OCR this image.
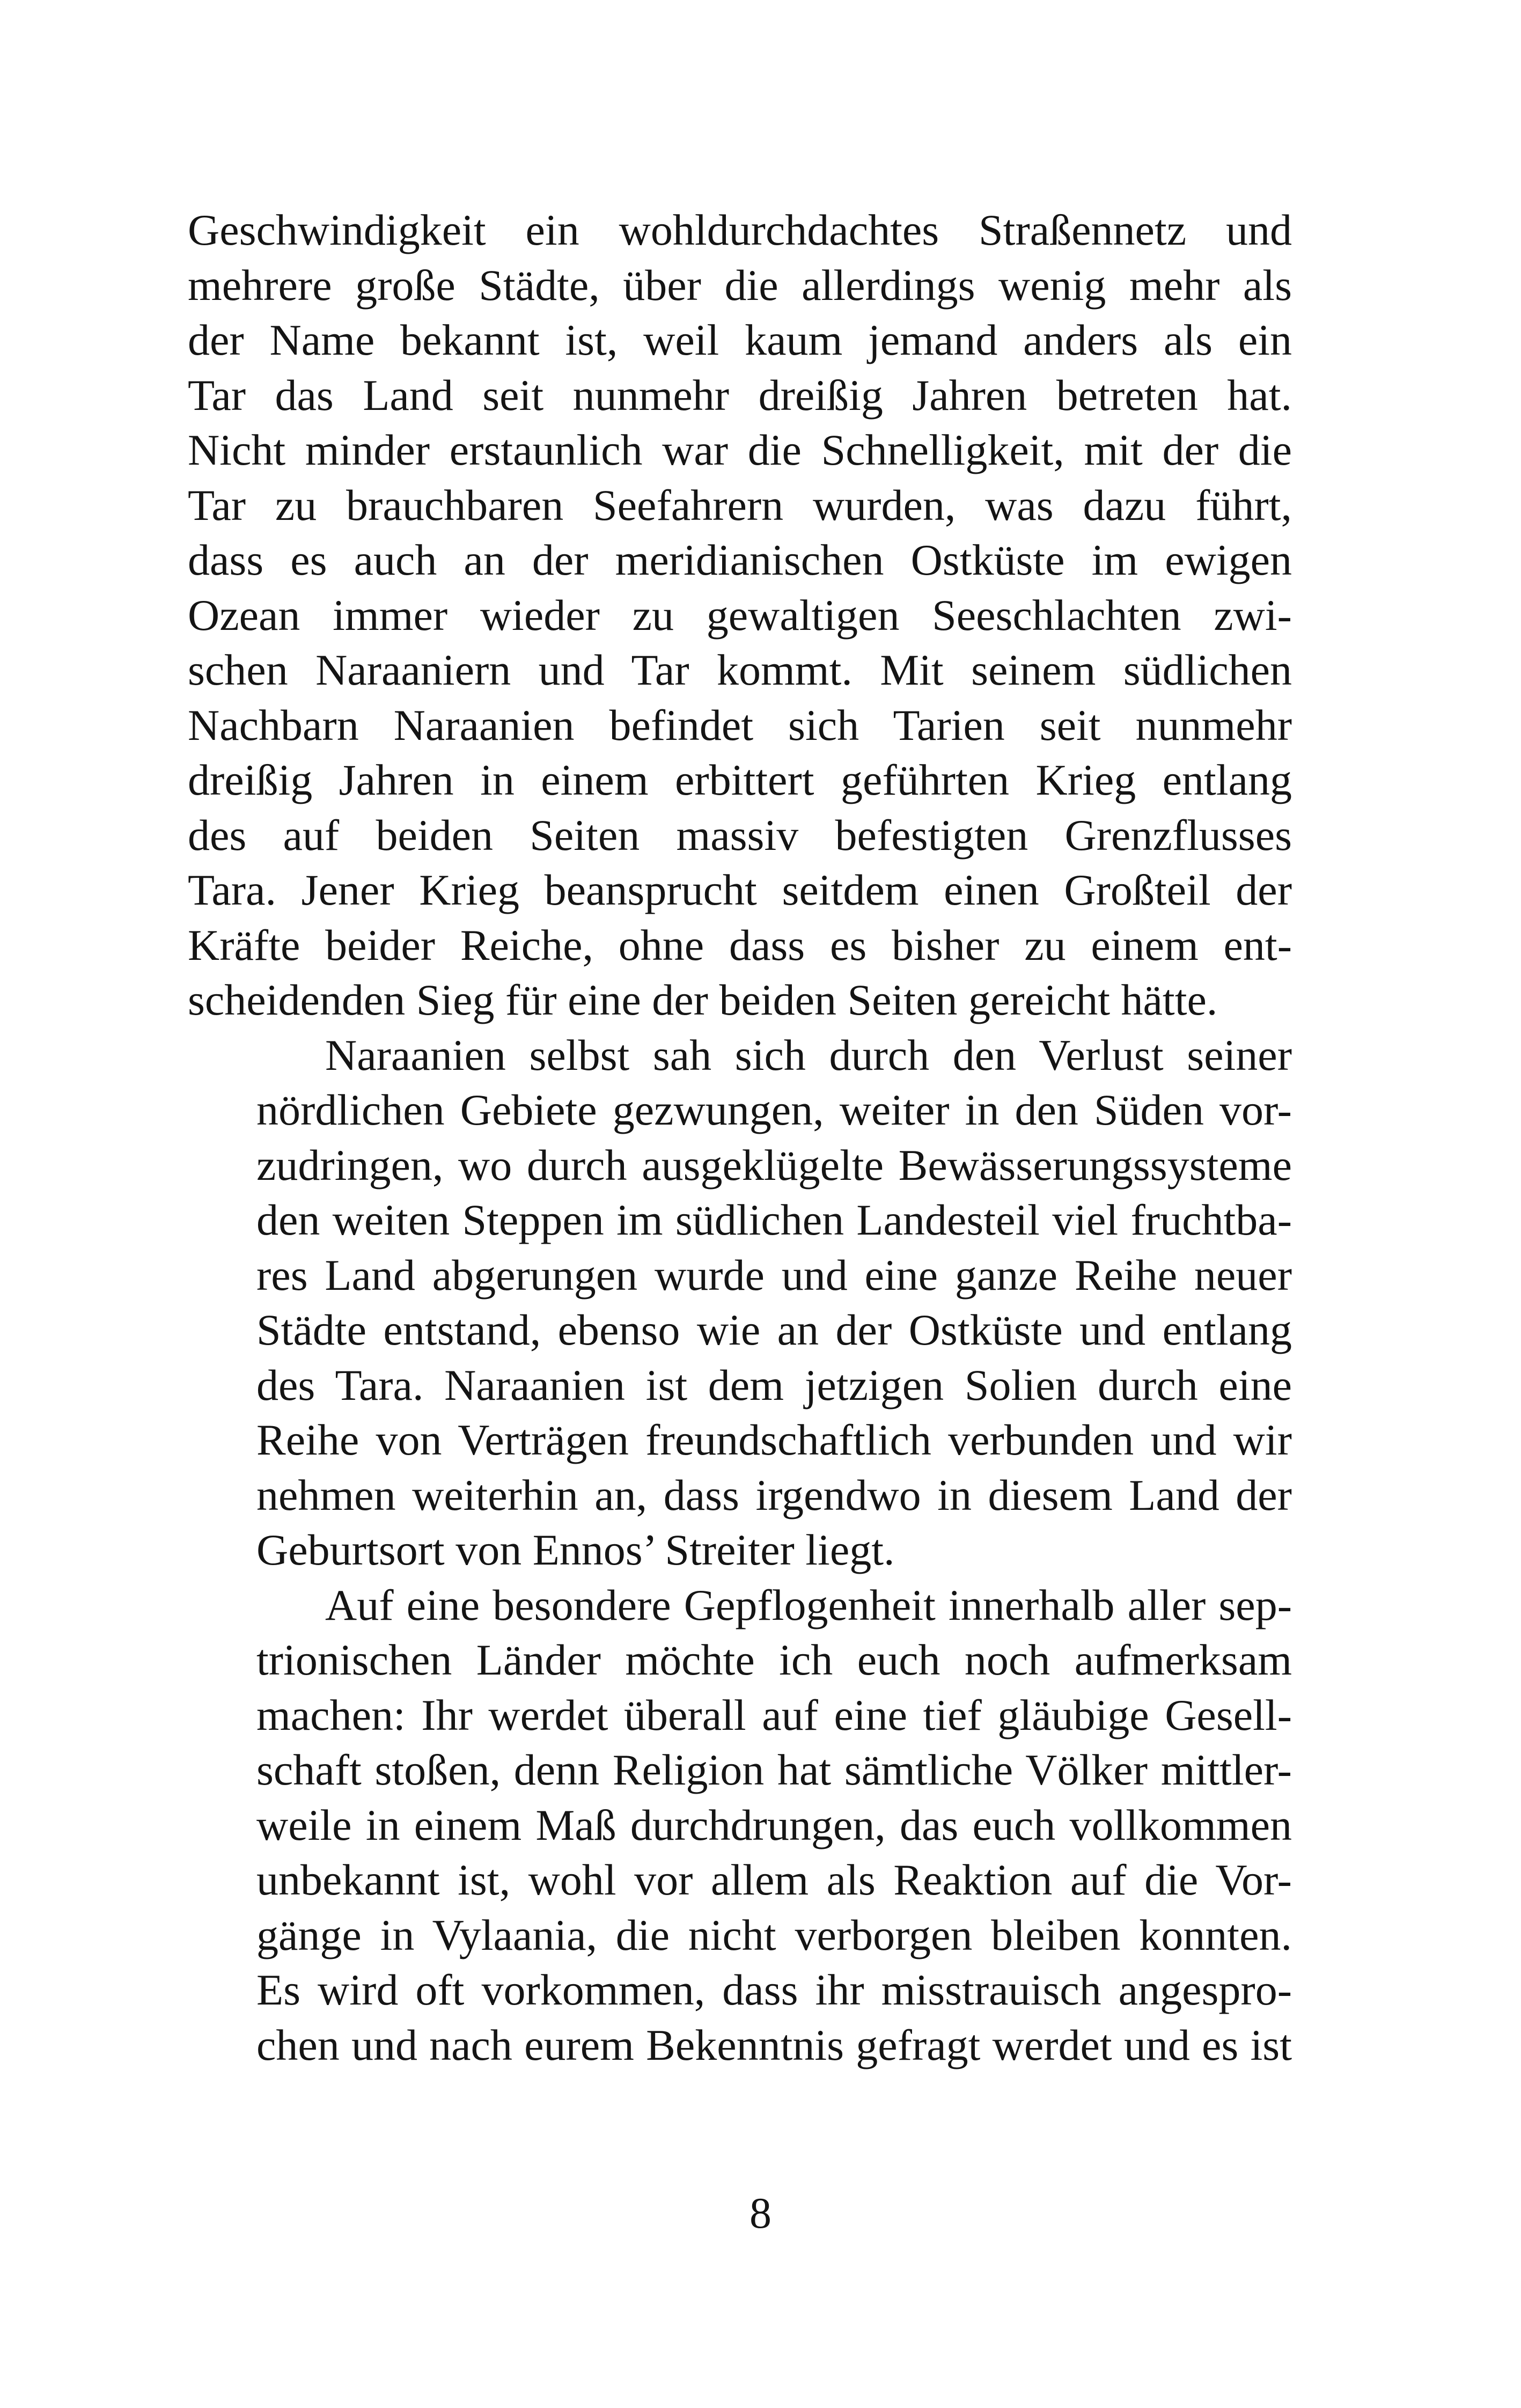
Geschwindigkeit ein wohldurchdachtes Straßennetz und
mehrere große Städte, über die allerdings wenig mehr als
der Name bekannt ist, weil kaum jemand anders als ein
Tar das Land seit nunmehr dreißig Jahren betreten hat.
Nicht minder erstaunlich war die Schnelligkeit, mit der die
Tar zu brauchbaren Seefahrern wurden, was dazu führt,
dass es auch an der meridianischen Ostküste im ewigen
Ozean immer wieder zu gewaltigen Seeschlachten zwi-
schen Naraaniern und Tar kommt. Mit seinem südlichen
Nachbarn Naraanien befindet sich Tarien seit nunmehr
dreißig Jahren in einem erbittert geführten Krieg entlang
des auf beiden Seiten massiv befestigten Grenzflusses
Tara. Jener Krieg beansprucht seitdem einen Großteil der
Kräfte beider Reiche, ohne dass es bisher zu einem ent-
scheidenden Sieg für eine der beiden Seiten gereicht hätte.
Naraanien selbst sah sich durch den Verlust seiner
nördlichen Gebiete gezwungen, weiter in den Süden vor-
zudringen, wo durch ausgeklügelte Bewässerungssysteme
den weiten Steppen im südlichen Landesteil viel fruchtba-
res Land abgerungen wurde und eine ganze Reihe neuer
Städte entstand, ebenso wie an der Ostküste und entlang
des Tara. Naraanien ist dem jetzigen Solien durch eine
Reihe von Verträgen freundschaftlich verbunden und wir
nehmen weiterhin an, dass irgendwo in diesem Land der
Geburtsort von Ennos’ Streiter liegt.
Auf eine besondere Gepflogenheit innerhalb aller sep-
trionischen Länder möchte ich euch noch aufmerksam
machen: Ihr werdet überall auf eine tief gläubige Gesell-
schaft stoßen, denn Religion hat sämtliche Völker mittler-
weile in einem Maß durchdrungen, das euch vollkommen
unbekannt ist, wohl vor allem als Reaktion auf die Vor-
gänge in Vylaania, die nicht verborgen bleiben konnten.
Es wird oft vorkommen, dass ihr misstrauisch angespro-
chen und nach eurem Bekenntnis gefragt werdet und es ist
8
